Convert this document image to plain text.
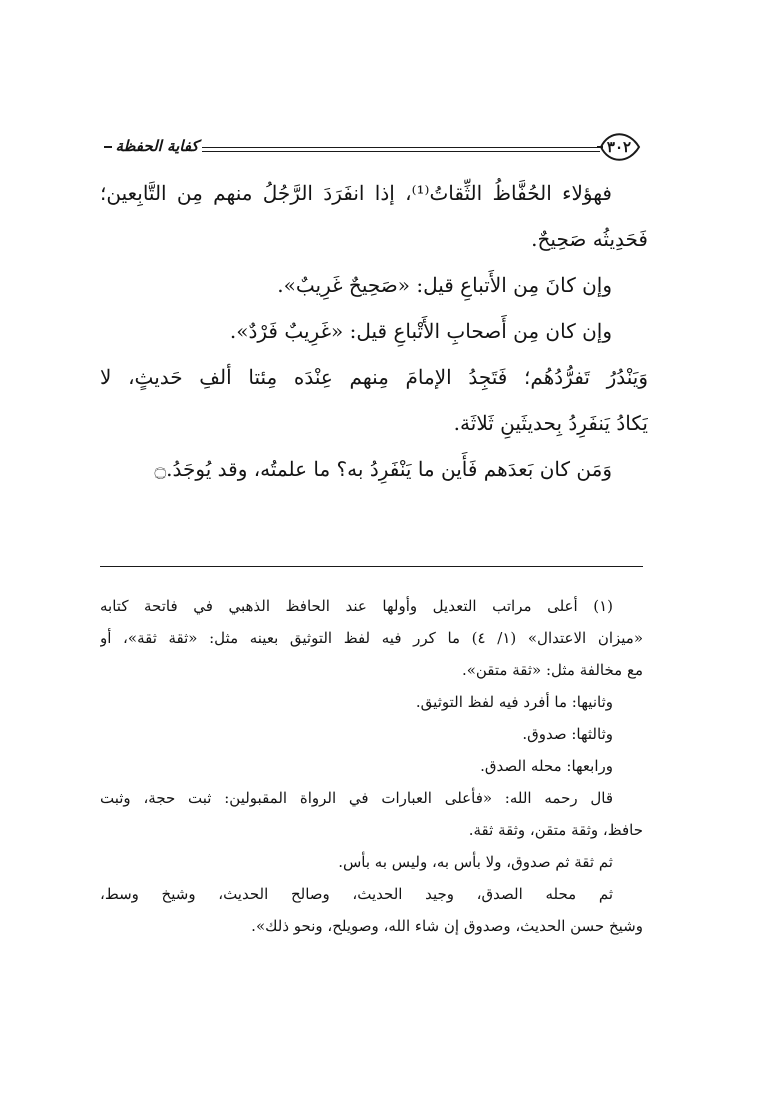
٣٠٢
كفاية الحفظة
فهؤلاء الحُفَّاظُ الثِّقاتُ⁽¹⁾، إذا انفَرَدَ الرَّجُلُ منهم مِن التَّابِعين؛
فَحَدِيثُه صَحِيحٌ.
وإن كانَ مِن الأَتباعِ قيل: «صَحِيحٌ غَرِيبٌ».
وإن كان مِن أَصحابِ الأَتْباعِ قيل: «غَرِيبٌ فَرْدٌ».
وَيَنْدُرُ تَفرُّدُهُم؛ فَتَجِدُ الإمامَ مِنهم عِنْدَه مِئتا ألفِ حَديثٍ، لا
يَكادُ يَنفَرِدُ بِحديثَينِ ثَلاثَة.
وَمَن كان بَعدَهم فَأَين ما يَنْفَرِدُ به؟ ما علمتُه، وقد يُوجَدُ.۝
(١) أعلى مراتب التعديل وأولها عند الحافظ الذهبي في فاتحة كتابه
«ميزان الاعتدال» (١/ ٤) ما كرر فيه لفظ التوثيق بعينه مثل: «ثقة ثقة»، أو
مع مخالفة مثل: «ثقة متقن».
وثانيها: ما أفرد فيه لفظ التوثيق.
وثالثها: صدوق.
ورابعها: محله الصدق.
قال رحمه الله: «فأعلى العبارات في الرواة المقبولين: ثبت حجة، وثبت
حافظ، وثقة متقن، وثقة ثقة.
ثم ثقة ثم صدوق، ولا بأس به، وليس به بأس.
ثم محله الصدق، وجيد الحديث، وصالح الحديث، وشيخ وسط،
وشيخ حسن الحديث، وصدوق إن شاء الله، وصويلح، ونحو ذلك».
